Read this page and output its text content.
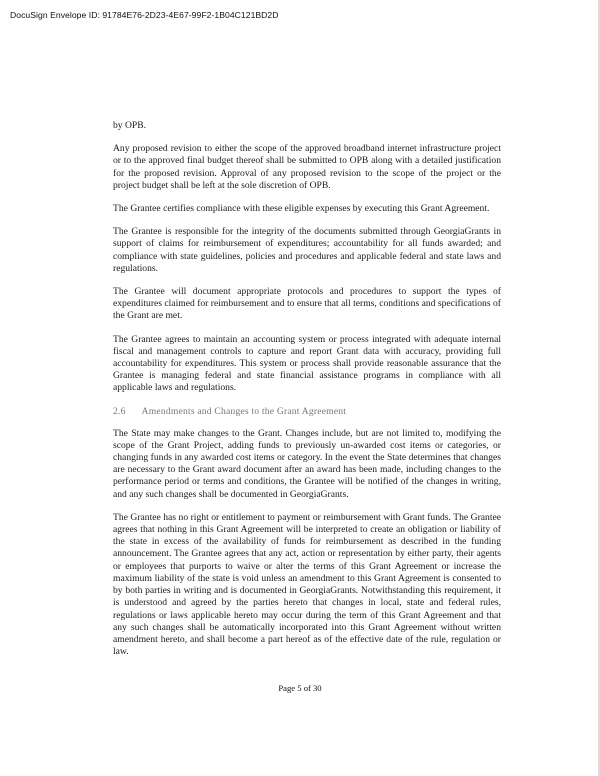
DocuSign Envelope ID: 91784E76-2D23-4E67-99F2-1B04C121BD2D

by OPB.

Any proposed revision to either the scope of the approved broadband internet infrastructure project or to the approved final budget thereof shall be submitted to OPB along with a detailed justification for the proposed revision. Approval of any proposed revision to the scope of the project or the project budget shall be left at the sole discretion of OPB.

The Grantee certifies compliance with these eligible expenses by executing this Grant Agreement.

The Grantee is responsible for the integrity of the documents submitted through GeorgiaGrants in support of claims for reimbursement of expenditures; accountability for all funds awarded; and compliance with state guidelines, policies and procedures and applicable federal and state laws and regulations.

The Grantee will document appropriate protocols and procedures to support the types of expenditures claimed for reimbursement and to ensure that all terms, conditions and specifications of the Grant are met.

The Grantee agrees to maintain an accounting system or process integrated with adequate internal fiscal and management controls to capture and report Grant data with accuracy, providing full accountability for expenditures. This system or process shall provide reasonable assurance that the Grantee is managing federal and state financial assistance programs in compliance with all applicable laws and regulations.

2.6 Amendments and Changes to the Grant Agreement

The State may make changes to the Grant. Changes include, but are not limited to, modifying the scope of the Grant Project, adding funds to previously un-awarded cost items or categories, or changing funds in any awarded cost items or category. In the event the State determines that changes are necessary to the Grant award document after an award has been made, including changes to the performance period or terms and conditions, the Grantee will be notified of the changes in writing, and any such changes shall be documented in GeorgiaGrants.

The Grantee has no right or entitlement to payment or reimbursement with Grant funds. The Grantee agrees that nothing in this Grant Agreement will be interpreted to create an obligation or liability of the state in excess of the availability of funds for reimbursement as described in the funding announcement. The Grantee agrees that any act, action or representation by either party, their agents or employees that purports to waive or alter the terms of this Grant Agreement or increase the maximum liability of the state is void unless an amendment to this Grant Agreement is consented to by both parties in writing and is documented in GeorgiaGrants. Notwithstanding this requirement, it is understood and agreed by the parties hereto that changes in local, state and federal rules, regulations or laws applicable hereto may occur during the term of this Grant Agreement and that any such changes shall be automatically incorporated into this Grant Agreement without written amendment hereto, and shall become a part hereof as of the effective date of the rule, regulation or law.

Page 5 of 30
